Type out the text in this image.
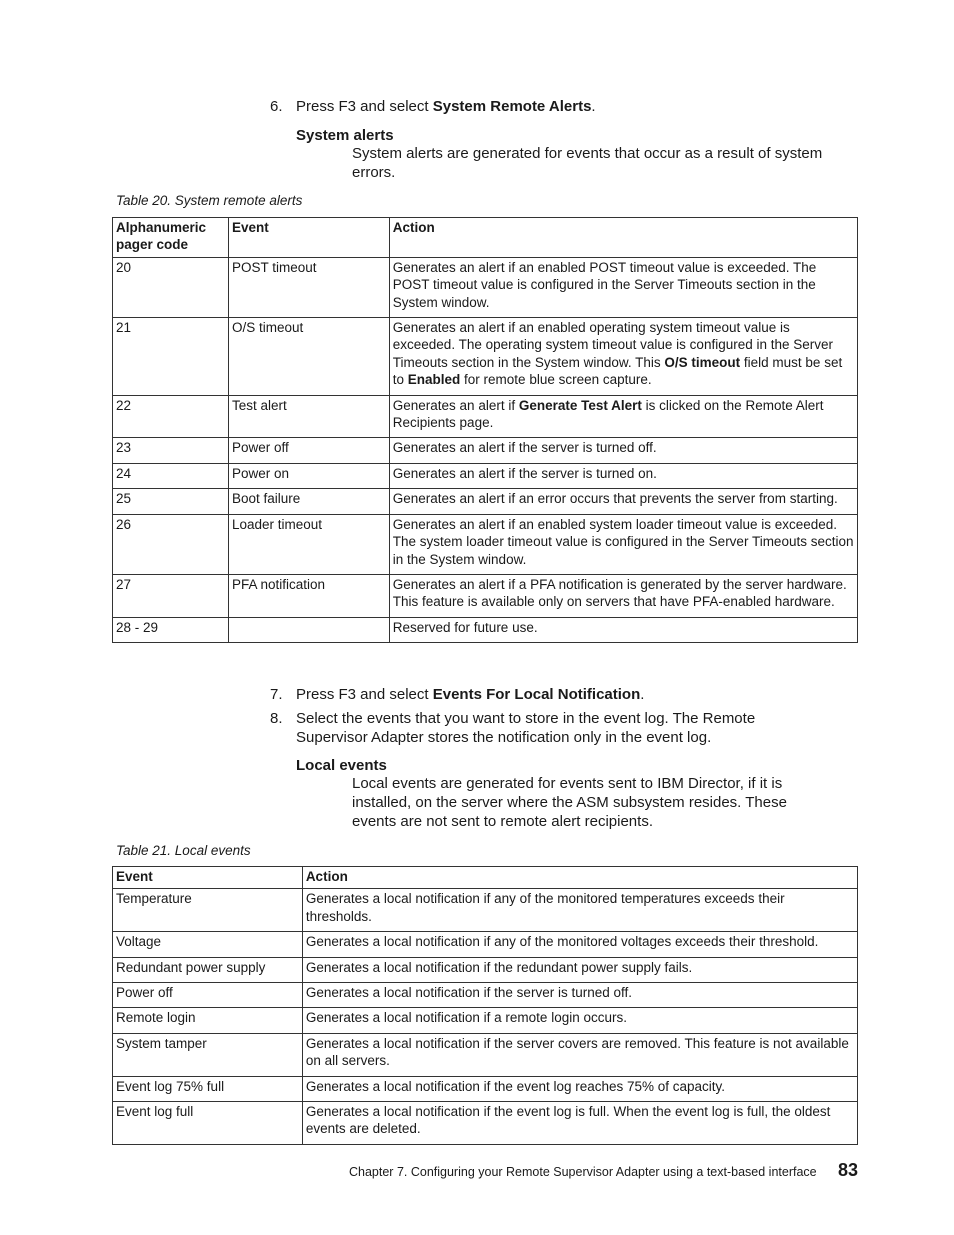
6. Press F3 and select System Remote Alerts.
System alerts
System alerts are generated for events that occur as a result of system errors.
Table 20. System remote alerts
Alphanumeric pager code	Event	Action
20	POST timeout	Generates an alert if an enabled POST timeout value is exceeded. The POST timeout value is configured in the Server Timeouts section in the System window.
21	O/S timeout	Generates an alert if an enabled operating system timeout value is exceeded. The operating system timeout value is configured in the Server Timeouts section in the System window. This O/S timeout field must be set to Enabled for remote blue screen capture.
22	Test alert	Generates an alert if Generate Test Alert is clicked on the Remote Alert Recipients page.
23	Power off	Generates an alert if the server is turned off.
24	Power on	Generates an alert if the server is turned on.
25	Boot failure	Generates an alert if an error occurs that prevents the server from starting.
26	Loader timeout	Generates an alert if an enabled system loader timeout value is exceeded. The system loader timeout value is configured in the Server Timeouts section in the System window.
27	PFA notification	Generates an alert if a PFA notification is generated by the server hardware. This feature is available only on servers that have PFA-enabled hardware.
28 - 29		Reserved for future use.
7. Press F3 and select Events For Local Notification.
8. Select the events that you want to store in the event log. The Remote Supervisor Adapter stores the notification only in the event log.
Local events
Local events are generated for events sent to IBM Director, if it is installed, on the server where the ASM subsystem resides. These events are not sent to remote alert recipients.
Table 21. Local events
Event	Action
Temperature	Generates a local notification if any of the monitored temperatures exceeds their thresholds.
Voltage	Generates a local notification if any of the monitored voltages exceeds their threshold.
Redundant power supply	Generates a local notification if the redundant power supply fails.
Power off	Generates a local notification if the server is turned off.
Remote login	Generates a local notification if a remote login occurs.
System tamper	Generates a local notification if the server covers are removed. This feature is not available on all servers.
Event log 75% full	Generates a local notification if the event log reaches 75% of capacity.
Event log full	Generates a local notification if the event log is full. When the event log is full, the oldest events are deleted.
Chapter 7. Configuring your Remote Supervisor Adapter using a text-based interface 83
